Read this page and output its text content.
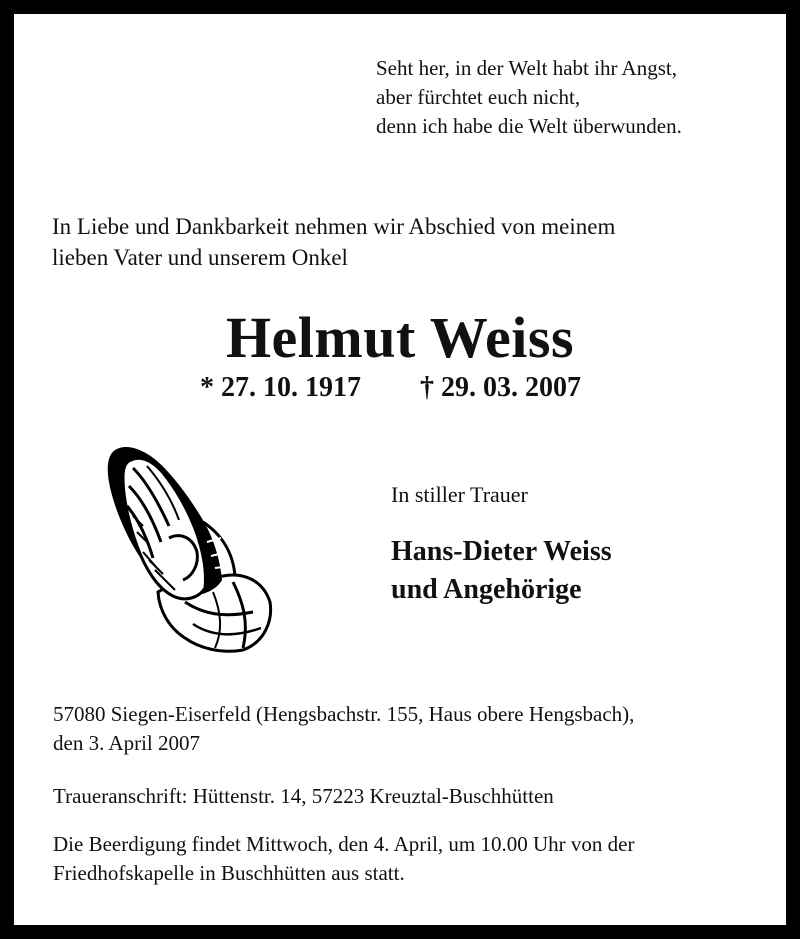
Seht her, in der Welt habt ihr Angst,
aber fürchtet euch nicht,
denn ich habe die Welt überwunden.
In Liebe und Dankbarkeit nehmen wir Abschied von meinem
lieben Vater und unserem Onkel
Helmut Weiss
* 27. 10. 1917 † 29. 03. 2007
In stiller Trauer
Hans-Dieter Weiss
und Angehörige
57080 Siegen-Eiserfeld (Hengsbachstr. 155, Haus obere Hengsbach),
den 3. April 2007
Traueranschrift: Hüttenstr. 14, 57223 Kreuztal-Buschhütten
Die Beerdigung findet Mittwoch, den 4. April, um 10.00 Uhr von der
Friedhofskapelle in Buschhütten aus statt.
